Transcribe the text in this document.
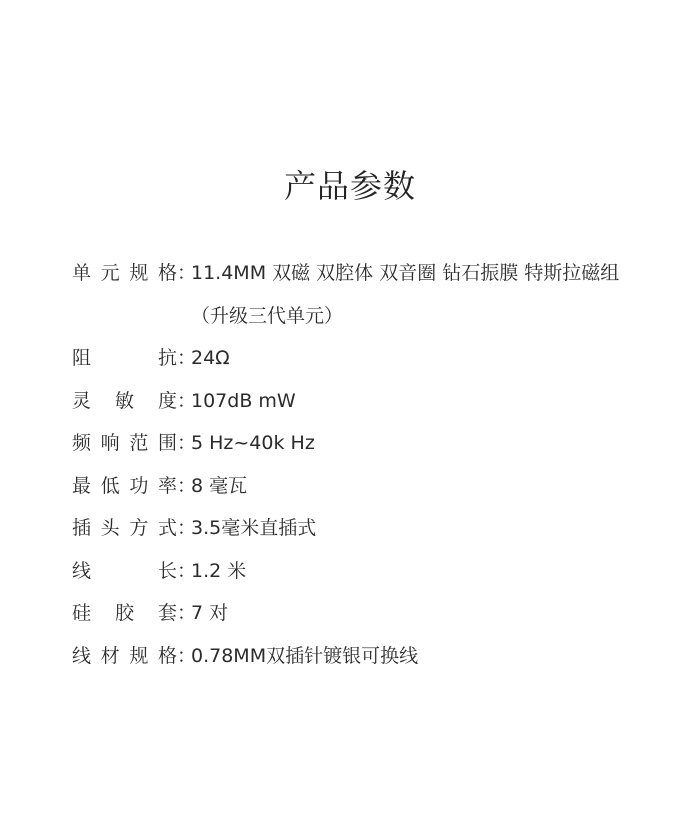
产品参数
单元规格 ：
11.4MM 双磁 双腔体 双音圈 钻石振膜 特斯拉磁组
（升级三代单元）
阻　　抗 ：
24Ω
灵 敏 度 ：
107dB mW
频响范围 ：
5 Hz~40k Hz
最低功率 ：
8 毫瓦
插头方式 ：
3.5毫米直插式
线　　长 ：
1.2 米
硅 胶 套 ：
7 对
线材规格 ：
0.78MM双插针镀银可换线
